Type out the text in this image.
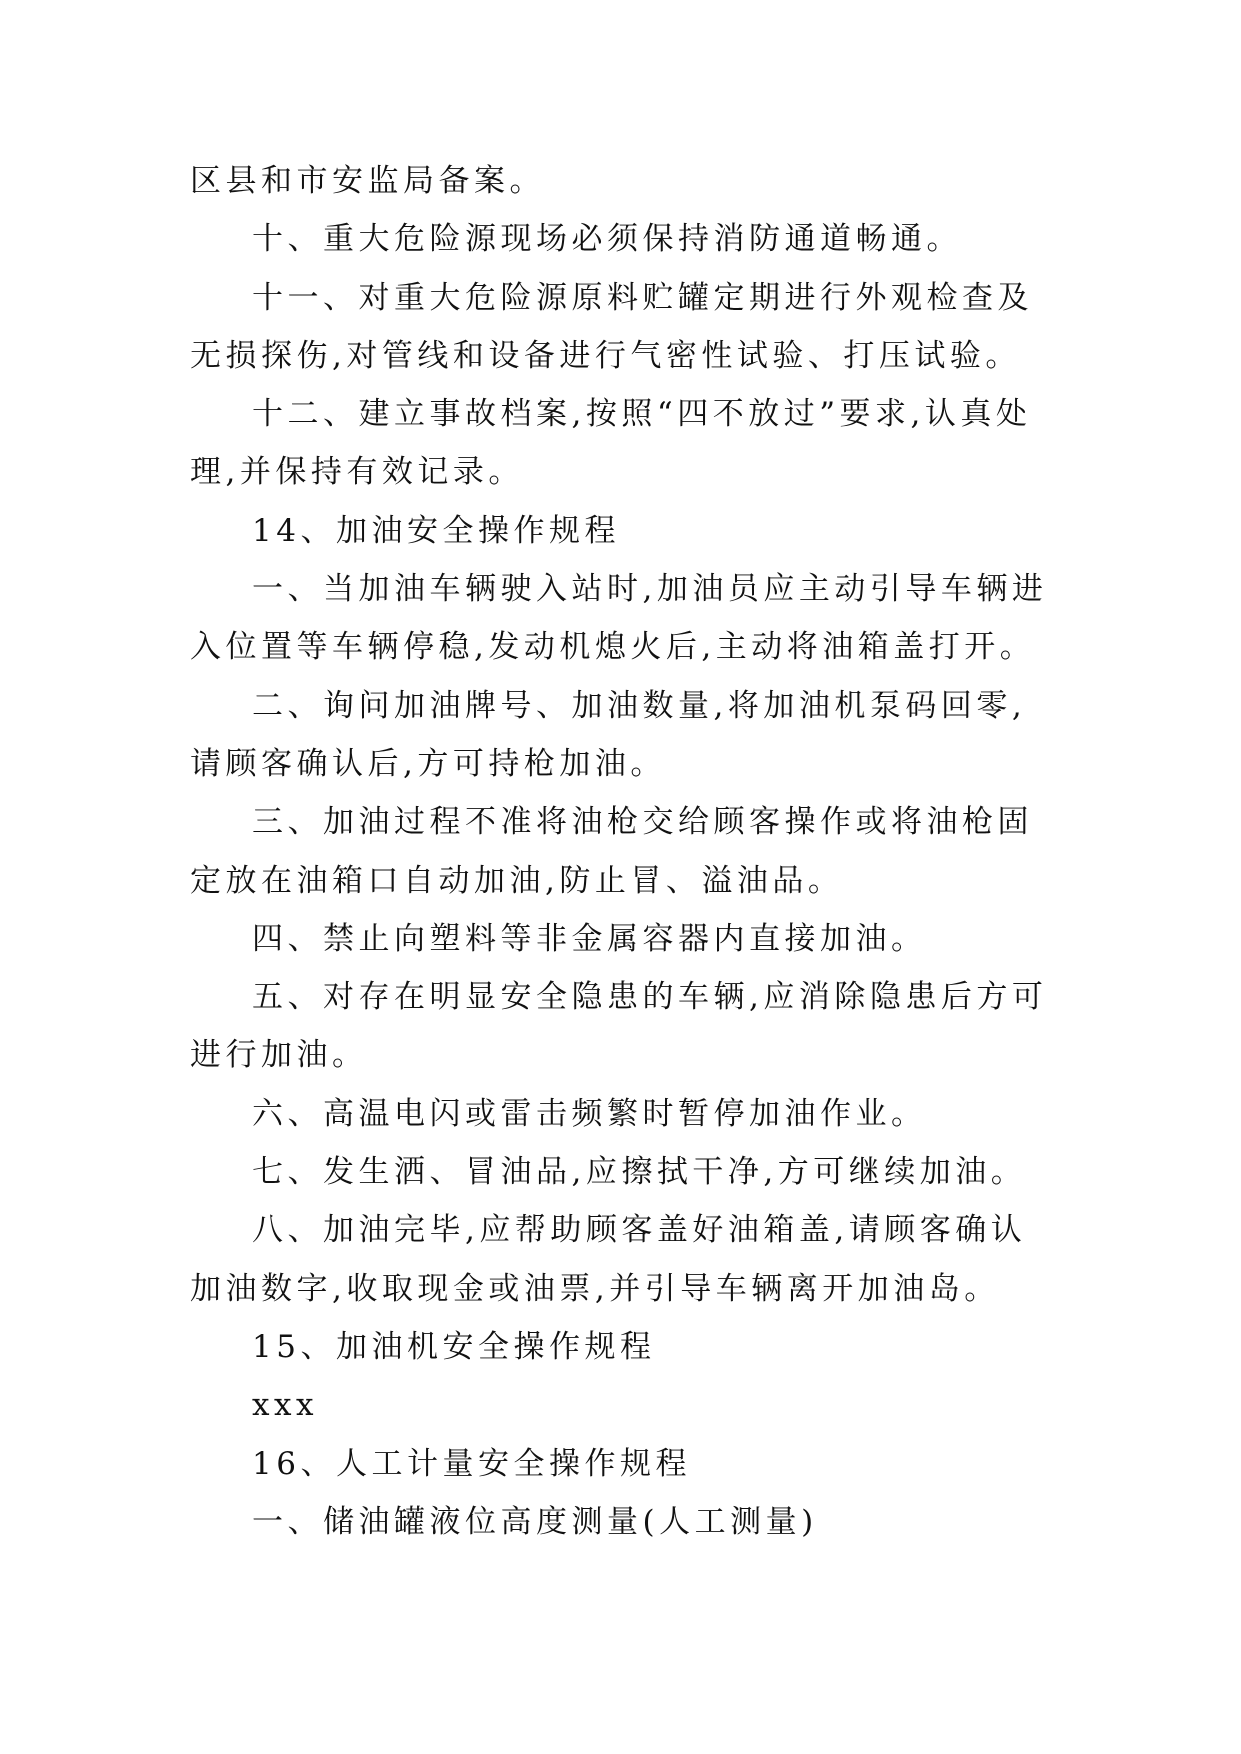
区县和市安监局备案。

十、重大危险源现场必须保持消防通道畅通。

十一、对重大危险源原料贮罐定期进行外观检查及无损探伤,对管线和设备进行气密性试验、打压试验。

十二、建立事故档案,按照“四不放过”要求,认真处理,并保持有效记录。

14、加油安全操作规程

一、当加油车辆驶入站时,加油员应主动引导车辆进入位置等车辆停稳,发动机熄火后,主动将油箱盖打开。

二、询问加油牌号、加油数量,将加油机泵码回零,请顾客确认后,方可持枪加油。

三、加油过程不准将油枪交给顾客操作或将油枪固定放在油箱口自动加油,防止冒、溢油品。

四、禁止向塑料等非金属容器内直接加油。

五、对存在明显安全隐患的车辆,应消除隐患后方可进行加油。

六、高温电闪或雷击频繁时暂停加油作业。

七、发生洒、冒油品,应擦拭干净,方可继续加油。

八、加油完毕,应帮助顾客盖好油箱盖,请顾客确认加油数字,收取现金或油票,并引导车辆离开加油岛。

15、加油机安全操作规程

xxx

16、人工计量安全操作规程

一、储油罐液位高度测量(人工测量)
